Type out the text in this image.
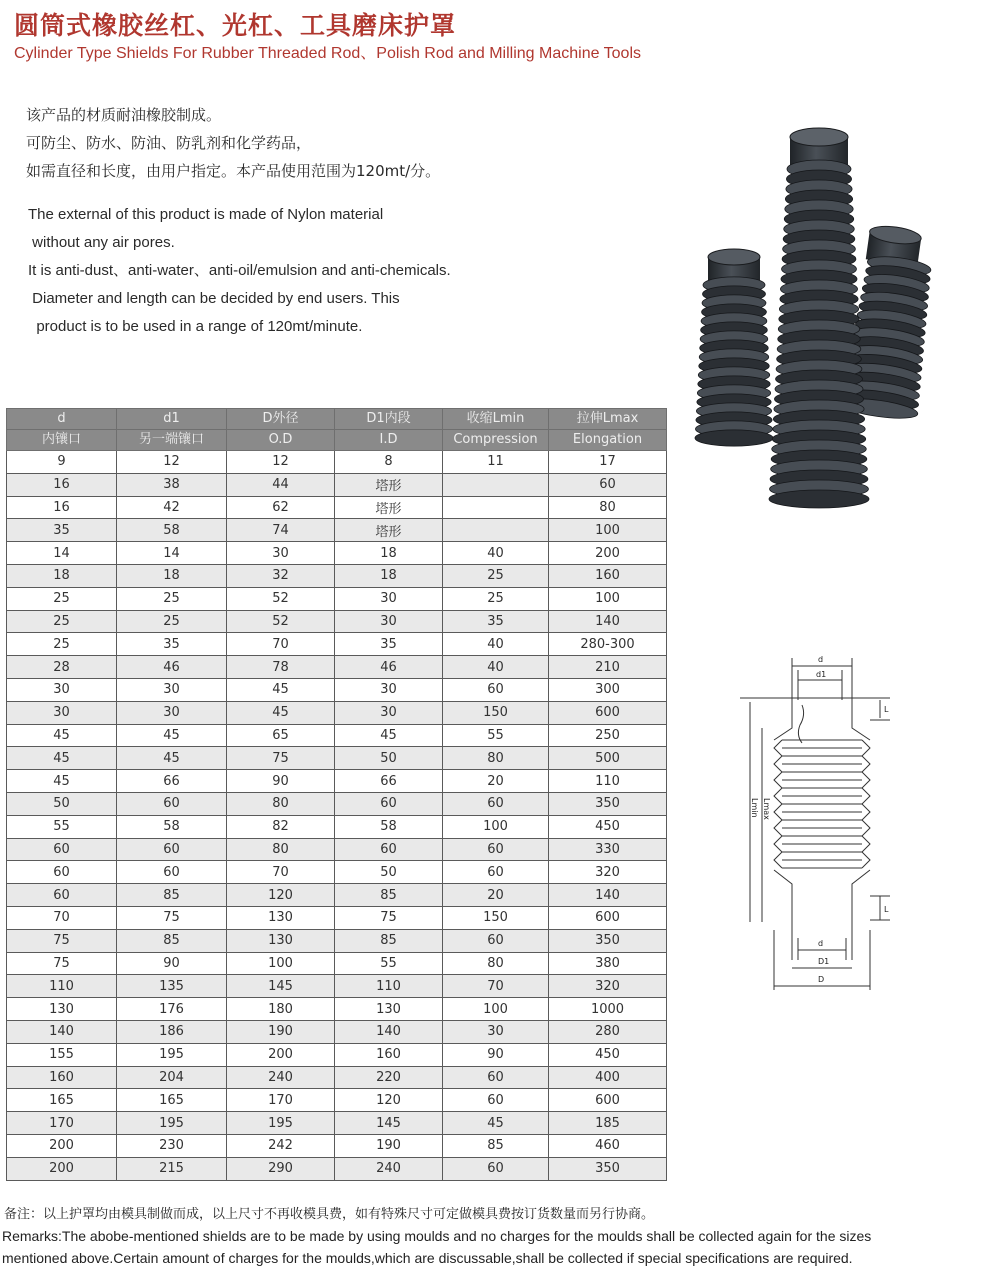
圆筒式橡胶丝杠、光杠、工具磨床护罩
Cylinder Type Shields For Rubber Threaded Rod、Polish Rod and Milling Machine Tools
该产品的材质耐油橡胶制成。
可防尘、防水、防油、防乳剂和化学药品，
如需直径和长度，由用户指定。本产品使用范围为120mt/分。
The external of this product is made of Nylon material
without any air pores.
It is anti-dust、anti-water、anti-oil/emulsion and anti-chemicals.
Diameter and length can be decided by end users. This
product is to be used in a range of 120mt/minute.
d	d1	D外径	D1内段	收缩Lmin	拉伸Lmax
内镶口	另一端镶口	O.D	I.D	Compression	Elongation
9	12	12	8	11	17
16	38	44	塔形		60
16	42	62	塔形		80
35	58	74	塔形		100
14	14	30	18	40	200
18	18	32	18	25	160
25	25	52	30	25	100
25	25	52	30	35	140
25	35	70	35	40	280-300
28	46	78	46	40	210
30	30	45	30	60	300
30	30	45	30	150	600
45	45	65	45	55	250
45	45	75	50	80	500
45	66	90	66	20	110
50	60	80	60	60	350
55	58	82	58	100	450
60	60	80	60	60	330
60	60	70	50	60	320
60	85	120	85	20	140
70	75	130	75	150	600
75	85	130	85	60	350
75	90	100	55	80	380
110	135	145	110	70	320
130	176	180	130	100	1000
140	186	190	140	30	280
155	195	200	160	90	450
160	204	240	220	60	400
165	165	170	120	60	600
170	195	195	145	45	185
200	230	242	190	85	460
200	215	290	240	60	350
d
d1
L
Lmax
Lmin
L
d
D1
D
备注：以上护罩均由模具制做而成，以上尺寸不再收模具费，如有特殊尺寸可定做模具费按订货数量而另行协商。
Remarks:The abobe-mentioned shields are to be made by using moulds and no charges for the moulds shall be collected again for the sizes
mentioned above.Certain amount of charges for the moulds,which are discussable,shall be collected if special specifications are required.
